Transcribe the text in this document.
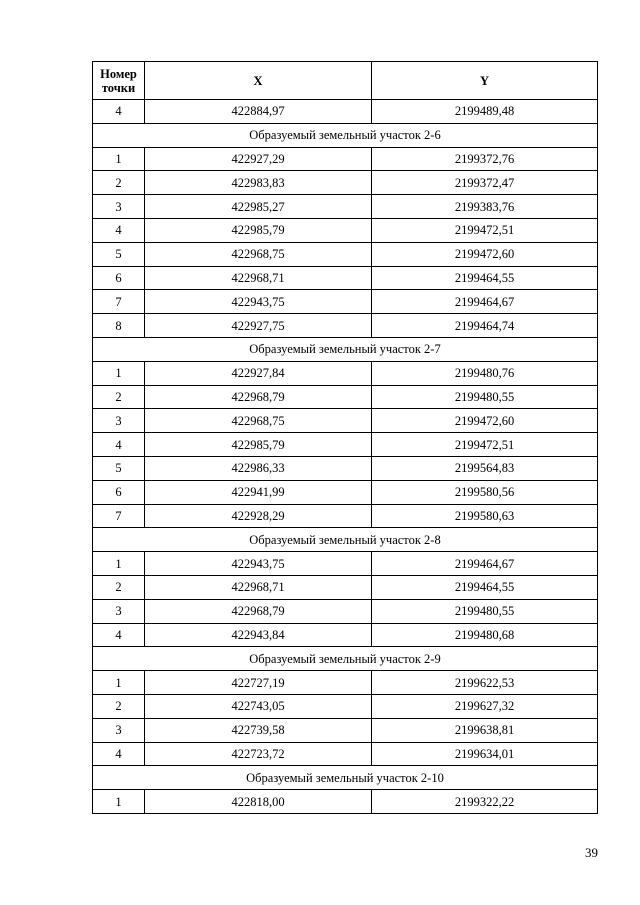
Номер
точки	X	Y
4	422884,97	2199489,48
Образуемый земельный участок 2-6		
1	422927,29	2199372,76
2	422983,83	2199372,47
3	422985,27	2199383,76
4	422985,79	2199472,51
5	422968,75	2199472,60
6	422968,71	2199464,55
7	422943,75	2199464,67
8	422927,75	2199464,74
Образуемый земельный участок 2-7		
1	422927,84	2199480,76
2	422968,79	2199480,55
3	422968,75	2199472,60
4	422985,79	2199472,51
5	422986,33	2199564,83
6	422941,99	2199580,56
7	422928,29	2199580,63
Образуемый земельный участок 2-8		
1	422943,75	2199464,67
2	422968,71	2199464,55
3	422968,79	2199480,55
4	422943,84	2199480,68
Образуемый земельный участок 2-9		
1	422727,19	2199622,53
2	422743,05	2199627,32
3	422739,58	2199638,81
4	422723,72	2199634,01
Образуемый земельный участок 2-10		
1	422818,00	2199322,22
39
